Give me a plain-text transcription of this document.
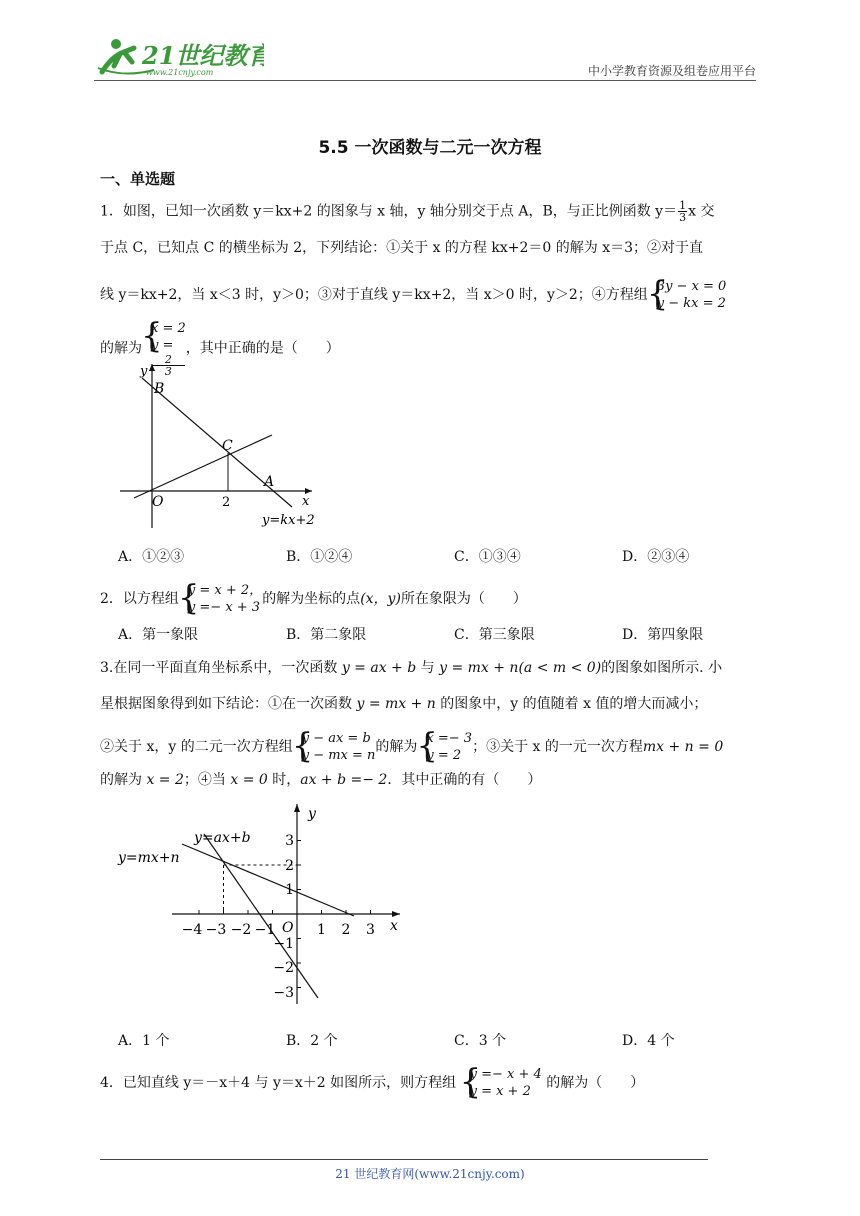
21世纪教育
www.21cnjy.com	中小学教育资源及组卷应用平台
5.5 一次函数与二元一次方程
一、单选题
1．如图，已知一次函数 y＝kx+2 的图象与 x 轴，y 轴分别交于点 A，B，与正比例函数 $y= \frac{1}{3}$ x 交
于点 C，已知点 C 的横坐标为 2，下列结论：①关于 x 的方程 kx+2＝0 的解为 x＝3；②对于直
线 y＝kx+2，当 x＜3 时，y＞0；③对于直线 y＝kx+2，当 x＞0 时，y＞2；④方程组
{ 3y − x = 0
y − kx = 2
的解为
{ x = 2
y =
2
3
，其中正确的是（　　）
y
B
C
A
O	2	x
y=kx+2
A．①②③	B．①②④	C．①③④	D．②③④
2．以方程组
{ y = x + 2，
y =− x + 3
的解为坐标的点(x，y)所在象限为（　　）
A．第一象限	B．第二象限	C．第三象限	D．第四象限
3.在同一平面直角坐标系中，一次函数 y = ax + b 与 y = mx + n(a < m < 0)的图象如图所示. 小
星根据图象得到如下结论：①在一次函数 y = mx + n 的图象中，y 的值随着 x 值的增大而减小；
②关于 x，y 的二元一次方程组
{ y − ax = b
y − mx = n
的解为
{ x =− 3
y = 2
；③关于 x 的一元一次方程mx + n = 0
的解为 x = 2；④当 x = 0 时，ax + b =− 2．其中正确的有（　　）
y=ax+b
y=mx+n
y
x
O
−4 −3 −2 −1	1 2 3
3
2
1
−1
−2
−3
A．1 个	B．2 个	C．3 个	D．4 个
4．已知直线 y＝－x＋4 与 y＝x＋2 如图所示，则方程组
{ y =− x + 4
y = x + 2
的解为（　　）
21 世纪教育网(www.21cnjy.com)
